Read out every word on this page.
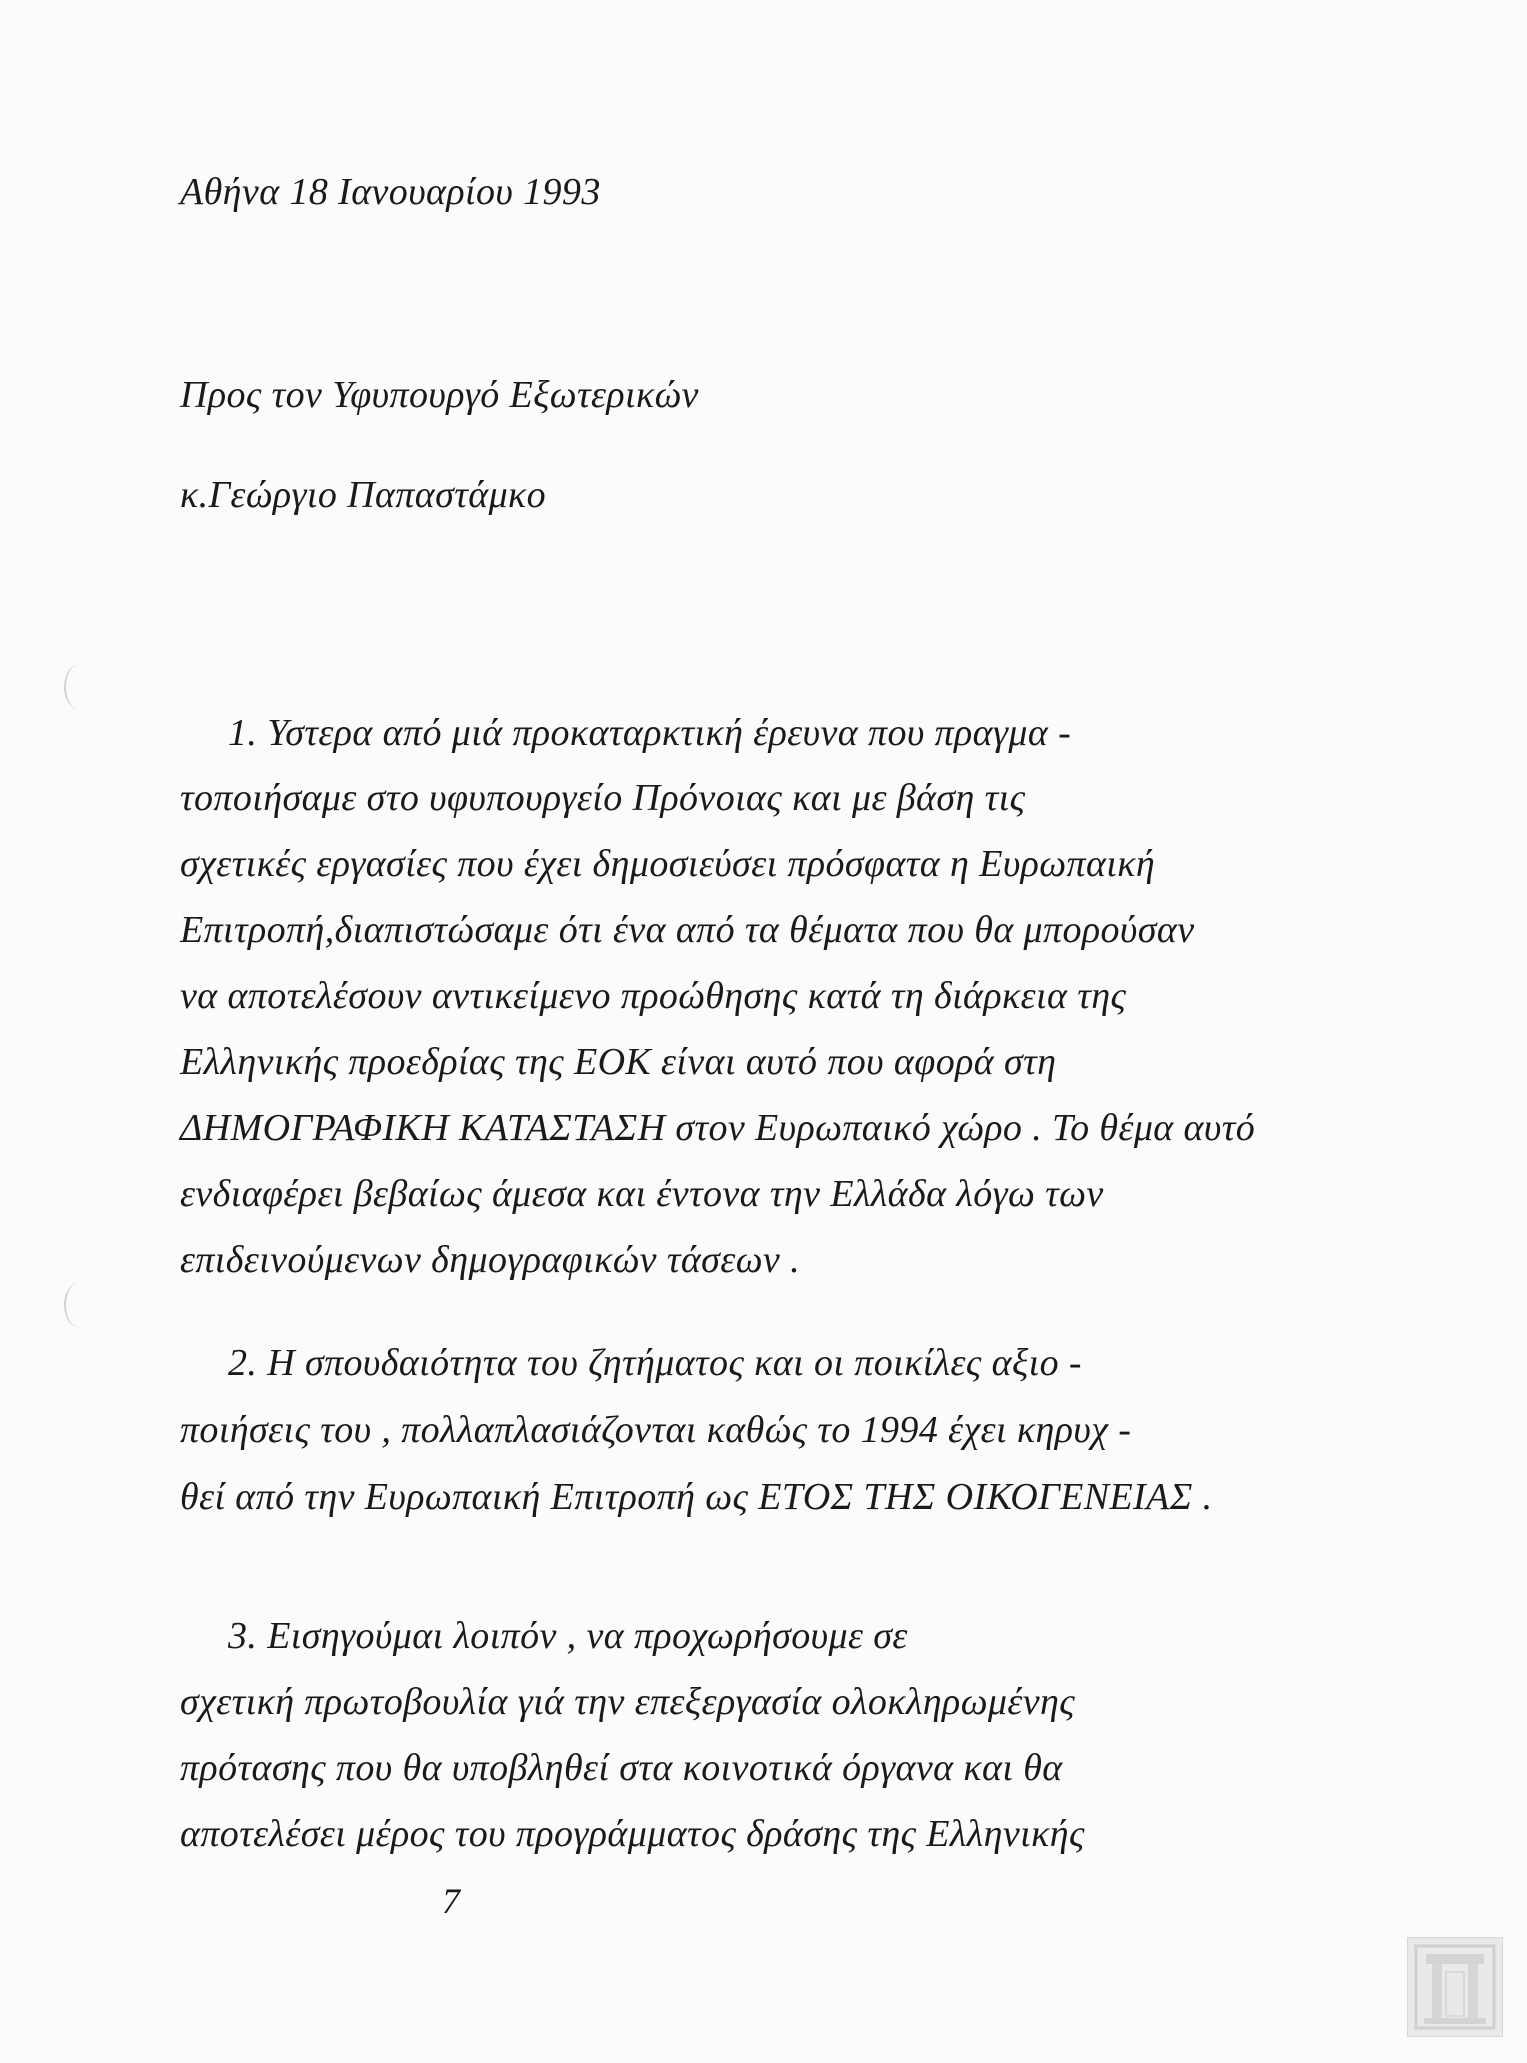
Αθήνα 18 Ιανουαρίου 1993
Προς τον Υφυπουργό Εξωτερικών
κ.Γεώργιο Παπαστάμκο
1. Υστερα από μιά προκαταρκτική έρευνα που πραγμα -
τοποιήσαμε στο υφυπουργείο Πρόνοιας και με βάση τις
σχετικές εργασίες που έχει δημοσιεύσει πρόσφατα η Ευρωπαική
Επιτροπή,διαπιστώσαμε ότι ένα από τα θέματα που θα μπορούσαν
να αποτελέσουν αντικείμενο προώθησης κατά τη διάρκεια της
Ελληνικής προεδρίας της ΕΟΚ είναι αυτό που αφορά στη
ΔΗΜΟΓΡΑΦΙΚΗ ΚΑΤΑΣΤΑΣΗ στον Ευρωπαικό χώρο . Το θέμα αυτό
ενδιαφέρει βεβαίως άμεσα και έντονα την Ελλάδα λόγω των
επιδεινούμενων δημογραφικών τάσεων .
2. Η σπουδαιότητα του ζητήματος και οι ποικίλες αξιο -
ποιήσεις του , πολλαπλασιάζονται καθώς το 1994 έχει κηρυχ -
θεί από την Ευρωπαική Επιτροπή ως ΕΤΟΣ ΤΗΣ ΟΙΚΟΓΕΝΕΙΑΣ .
3. Εισηγούμαι λοιπόν , να προχωρήσουμε σε
σχετική πρωτοβουλία γιά την επεξεργασία ολοκληρωμένης
πρότασης που θα υποβληθεί στα κοινοτικά όργανα και θα
αποτελέσει μέρος του προγράμματος δράσης της Ελληνικής
7
